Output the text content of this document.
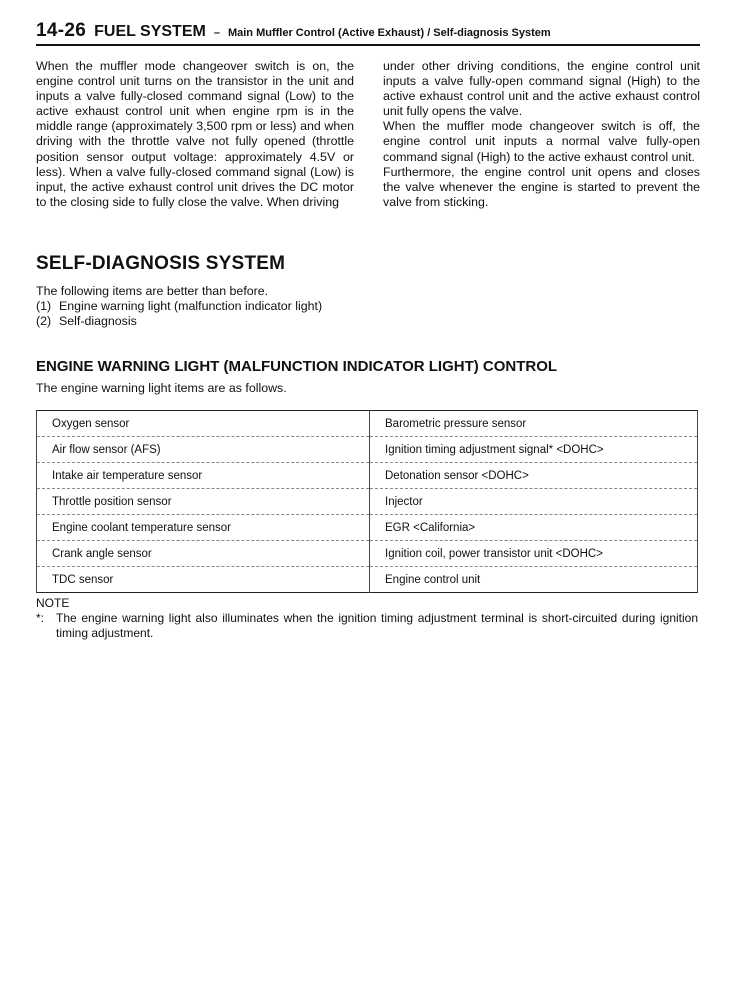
14-26 FUEL SYSTEM – Main Muffler Control (Active Exhaust) / Self-diagnosis System

When the muffler mode changeover switch is on, the engine control unit turns on the transistor in the unit and inputs a valve fully-closed command signal (Low) to the active exhaust control unit when engine rpm is in the middle range (approximately 3,500 rpm or less) and when driving with the throttle valve not fully opened (throttle position sensor output voltage: approximately 4.5V or less). When a valve fully-closed command signal (Low) is input, the active exhaust control unit drives the DC motor to the closing side to fully close the valve. When driving

under other driving conditions, the engine control unit inputs a valve fully-open command signal (High) to the active exhaust control unit and the active exhaust control unit fully opens the valve.

When the muffler mode changeover switch is off, the engine control unit inputs a normal valve fully-open command signal (High) to the active exhaust control unit.

Furthermore, the engine control unit opens and closes the valve whenever the engine is started to prevent the valve from sticking.

SELF-DIAGNOSIS SYSTEM

The following items are better than before.

(1) Engine warning light (malfunction indicator light)
(2) Self-diagnosis
ENGINE WARNING LIGHT (MALFUNCTION INDICATOR LIGHT) CONTROL
The engine warning light items are as follows.
Oxygen sensor	Barometric pressure sensor
Air flow sensor (AFS)	Ignition timing adjustment signal* <DOHC>
Intake air temperature sensor	Detonation sensor <DOHC>
Throttle position sensor	Injector
Engine coolant temperature sensor	EGR <California>
Crank angle sensor	Ignition coil, power transistor unit <DOHC>
TDC sensor	Engine control unit
NOTE
*: The engine warning light also illuminates when the ignition timing adjustment terminal is short-circuited during ignition timing adjustment.
